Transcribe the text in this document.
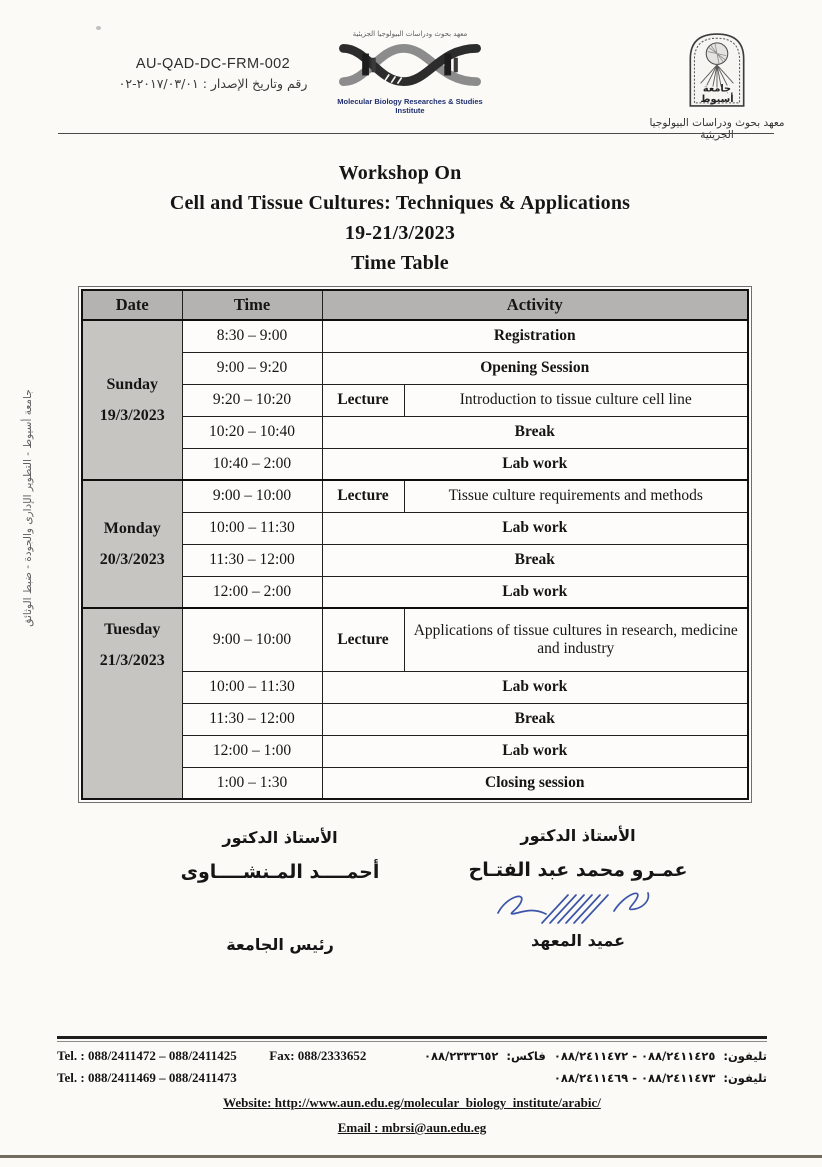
AU-QAD-DC-FRM-002
رقم وتاريخ الإصدار : ٢٠١٧/٠٣/٠١-٠٢
معهد بحوث ودراسات البيولوجيا الجزيئية
Molecular Biology Researches & Studies Institute
جامعة
أسيوط
معهد بحوث ودراسات البيولوجيا الجزيئية
جامعة أسيوط - التطوير الإدارى والجودة - ضبط الوثائق
Workshop On
Cell and Tissue Cultures: Techniques & Applications
19-21/3/2023
Time Table
Date	Time	Activity	

Sunday
19/3/2023	8:30 – 9:00	Registration	
	9:00 – 9:20	Opening Session	
	9:20 – 10:20	Lecture	Introduction to tissue culture cell line
	10:20 – 10:40	Break	
	10:40 – 2:00	Lab work	

Monday
20/3/2023	9:00 – 10:00	Lecture	Tissue culture requirements and methods
	10:00 – 11:30	Lab work	
	11:30 – 12:00	Break	
	12:00 – 2:00	Lab work	

Tuesday
21/3/2023	9:00 – 10:00	Lecture	Applications of tissue cultures in research, medicine and industry
	10:00 – 11:30	Lab work	
	11:30 – 12:00	Break	
	12:00 – 1:00	Lab work	
	1:00 – 1:30	Closing session	
الأستاذ الدكتور
أحمــــد المـنشــــاوى
رئيس الجامعة
الأستاذ الدكتور
عمـرو محمد عبد الفتـاح
عميد المعهد
Tel. : 088/2411472 – 088/2411425	Fax: 088/2333652	تليفون: ٠٨٨/٢٤١١٤٢٥ - ٠٨٨/٢٤١١٤٧٢ فاكس: ٠٨٨/٢٣٣٣٦٥٢
Tel. : 088/2411469 – 088/2411473	تليفون: ٠٨٨/٢٤١١٤٧٣ - ٠٨٨/٢٤١١٤٦٩
Website: http://www.aun.edu.eg/molecular_biology_institute/arabic/
Email : mbrsi@aun.edu.eg
